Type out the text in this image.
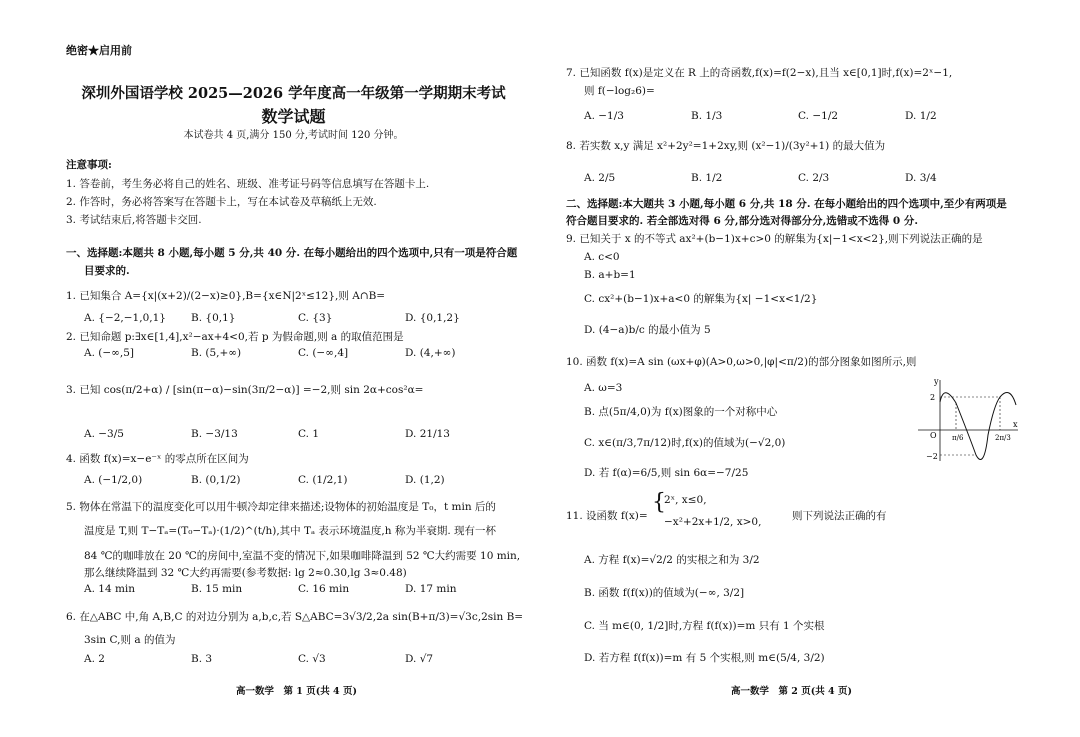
绝密★启用前
深圳外国语学校 2025—2026 学年度高一年级第一学期期末考试
数学试题
本试卷共 4 页,满分 150 分,考试时间 120 分钟。
注意事项:
1. 答卷前，考生务必将自己的姓名、班级、准考证号码等信息填写在答题卡上.
2. 作答时，务必将答案写在答题卡上，写在本试卷及草稿纸上无效.
3. 考试结束后,将答题卡交回.
一、选择题:本题共 8 小题,每小题 5 分,共 40 分. 在每小题给出的四个选项中,只有一项是符合题
目要求的.
1. 已知集合 A={x|(x+2)/(2−x)≥0},B={x∈N|2ˣ≤12},则 A∩B=
A. {−2,−1,0,1}	B. {0,1}	C. {3}	D. {0,1,2}
2. 已知命题 p:∃x∈[1,4],x²−ax+4<0,若 p 为假命题,则 a 的取值范围是
A. (−∞,5]	B. (5,+∞)	C. (−∞,4]	D. (4,+∞)
3. 已知 cos(π/2+α) / [sin(π−α)−sin(3π/2−α)] =−2,则 sin 2α+cos²α=
A. −3/5	B. −3/13	C. 1	D. 21/13
4. 函数 f(x)=x−e⁻ˣ 的零点所在区间为
A. (−1/2,0)	B. (0,1/2)	C. (1/2,1)	D. (1,2)
5. 物体在常温下的温度变化可以用牛顿冷却定律来描述;设物体的初始温度是 T₀，t min 后的
温度是 T,则 T−Tₐ=(T₀−Tₐ)·(1/2)^(t/h),其中 Tₐ 表示环境温度,h 称为半衰期. 现有一杯
84 ℃的咖啡放在 20 ℃的房间中,室温不变的情况下,如果咖啡降温到 52 ℃大约需要 10 min,
那么继续降温到 32 ℃大约再需要(参考数据: lg 2≈0.30,lg 3≈0.48)
A. 14 min	B. 15 min	C. 16 min	D. 17 min
6. 在△ABC 中,角 A,B,C 的对边分别为 a,b,c,若 S△ABC=3√3/2,2a sin(B+π/3)=√3c,2sin B=
3sin C,则 a 的值为
A. 2	B. 3	C. √3	D. √7
高一数学　第 1 页(共 4 页)
7. 已知函数 f(x)是定义在 R 上的奇函数,f(x)=f(2−x),且当 x∈[0,1]时,f(x)=2ˣ−1,
则 f(−log₂6)=
A. −1/3	B. 1/3	C. −1/2	D. 1/2
8. 若实数 x,y 满足 x²+2y²=1+2xy,则 (x²−1)/(3y²+1) 的最大值为
A. 2/5	B. 1/2	C. 2/3	D. 3/4
二、选择题:本大题共 3 小题,每小题 6 分,共 18 分. 在每小题给出的四个选项中,至少有两项是
符合题目要求的. 若全部选对得 6 分,部分选对得部分分,选错或不选得 0 分.
9. 已知关于 x 的不等式 ax²+(b−1)x+c>0 的解集为{x|−1<x<2},则下列说法正确的是
A. c<0
B. a+b=1
C. cx²+(b−1)x+a<0 的解集为{x| −1<x<1/2}
D. (4−a)b/c 的最小值为 5
10. 函数 f(x)=A sin (ωx+φ)(A>0,ω>0,|φ|<π/2)的部分图象如图所示,则
A. ω=3
B. 点(5π/4,0)为 f(x)图象的一个对称中心
C. x∈(π/3,7π/12)时,f(x)的值域为(−√2,0)
D. 若 f(α)=6/5,则 sin 6α=−7/25
y
x
O
2
−2
π/6	2π/3
11. 设函数 f(x)=
{
2ˣ, x≤0,
−x²+2x+1/2, x>0,	则下列说法正确的有
A. 方程 f(x)=√2/2 的实根之和为 3/2
B. 函数 f(f(x))的值域为(−∞, 3/2]
C. 当 m∈(0, 1/2]时,方程 f(f(x))=m 只有 1 个实根
D. 若方程 f(f(x))=m 有 5 个实根,则 m∈(5/4, 3/2)
高一数学　第 2 页(共 4 页)
